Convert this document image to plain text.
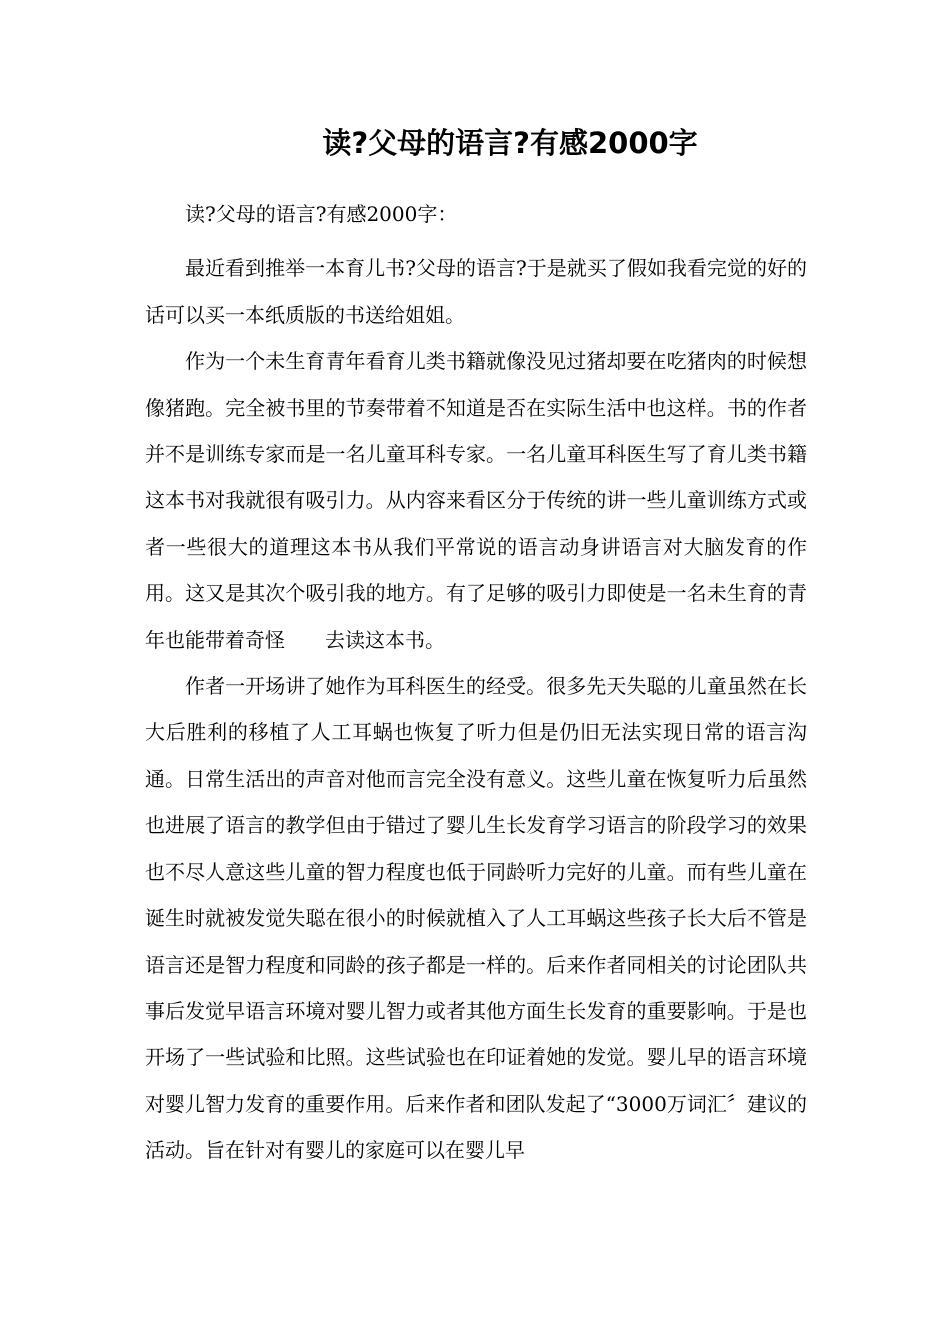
读?父母的语言?有感2000字

读?父母的语言?有感2000字：

最近看到推举一本育儿书?父母的语言?于是就买了假如我看完觉的好的话可以买一本纸质版的书送给姐姐。

作为一个未生育青年看育儿类书籍就像没见过猪却要在吃猪肉的时候想像猪跑。完全被书里的节奏带着不知道是否在实际生活中也这样。书的作者并不是训练专家而是一名儿童耳科专家。一名儿童耳科医生写了育儿类书籍这本书对我就很有吸引力。从内容来看区分于传统的讲一些儿童训练方式或者一些很大的道理这本书从我们平常说的语言动身讲语言对大脑发育的作用。这又是其次个吸引我的地方。有了足够的吸引力即使是一名未生育的青年也能带着奇怪　　去读这本书。

作者一开场讲了她作为耳科医生的经受。很多先天失聪的儿童虽然在长大后胜利的移植了人工耳蜗也恢复了听力但是仍旧无法实现日常的语言沟通。日常生活出的声音对他而言完全没有意义。这些儿童在恢复听力后虽然也进展了语言的教学但由于错过了婴儿生长发育学习语言的阶段学习的效果也不尽人意这些儿童的智力程度也低于同龄听力完好的儿童。而有些儿童在诞生时就被发觉失聪在很小的时候就植入了人工耳蜗这些孩子长大后不管是语言还是智力程度和同龄的孩子都是一样的。后来作者同相关的讨论团队共事后发觉早语言环境对婴儿智力或者其他方面生长发育的重要影响。于是也开场了一些试验和比照。这些试验也在印证着她的发觉。婴儿早的语言环境对婴儿智力发育的重要作用。后来作者和团队发起了“3000万词汇〞建议的活动。旨在针对有婴儿的家庭可以在婴儿早
